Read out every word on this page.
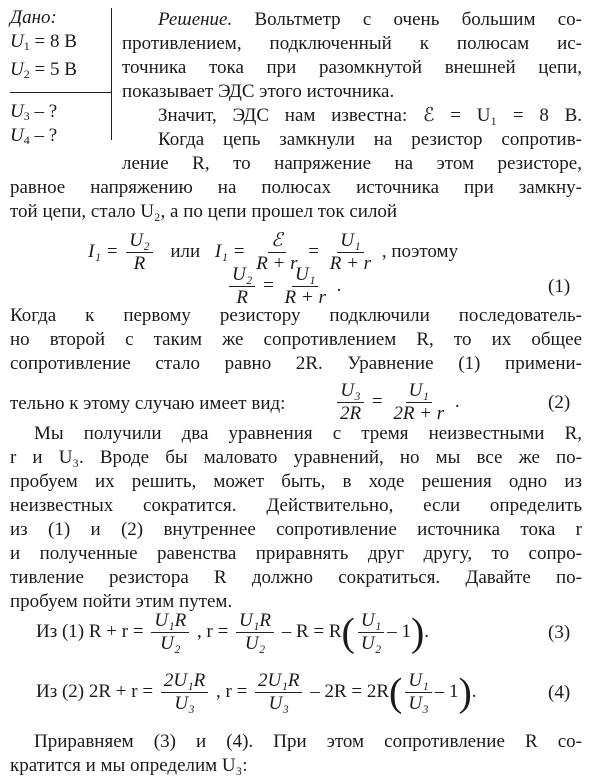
Дано:
$U_1 = 8$ В
$U_2 = 5$ В
$U_3$ – ?
$U_4$ – ?
Решение. Вольтметр с очень большим со-
противлением, подключенный к полюсам ис-
точника тока при разомкнутой внешней цепи,
показывает ЭДС этого источника.
Значит, ЭДС нам известна: ℰ = U₁ = 8 В.
Когда цепь замкнули на резистор сопротив-
ление R, то напряжение на этом резисторе,
равное напряжению на полюсах источника при замкну-
той цепи, стало U₂, а по цепи прошел ток силой
$I_1 = \frac{\text{U₂}}{R}$ или $I_1 = \frac{\text{ℰ}}{R + r} = \frac{\text{U₁}}{R + r}$ , поэтому
$\frac{\text{U₂}}{R} = \frac{\text{U₁}}{R + r}$ .	(1)
Когда к первому резистору подключили последователь-
но второй с таким же сопротивлением R, то их общее
сопротивление стало равно 2R. Уравнение (1) примени-
тельно к этому случаю имеет вид:	$\frac{\text{U₃}}{2R} = \frac{\text{U₁}}{2R + r}$ .	(2)
Мы получили два уравнения с тремя неизвестными R,
r и U₃. Вроде бы маловато уравнений, но мы все же по-
пробуем их решить, может быть, в ходе решения одно из
неизвестных сократится. Действительно, если определить
из (1) и (2) внутреннее сопротивление источника тока r
и полученные равенства приравнять друг другу, то сопро-
тивление резистора R должно сократиться. Давайте по-
пробуем пойти этим путем.
Из (1) $R + r = \frac{\text{U₁R}}{\text{U₂}}$ , $r = \frac{\text{U₁R}}{\text{U₂}} - R = R( \frac{\text{U₁}}{\text{U₂}} - 1)$.	(3)
Из (2) $2R + r = \frac{\text{2U₁R}}{\text{U₃}}$ , $r = \frac{\text{2U₁R}}{\text{U₃}} - 2R = 2R( \frac{\text{U₁}}{\text{U₃}} - 1)$.	(4)
Приравняем (3) и (4). При этом сопротивление R со-
кратится и мы определим U₃:
